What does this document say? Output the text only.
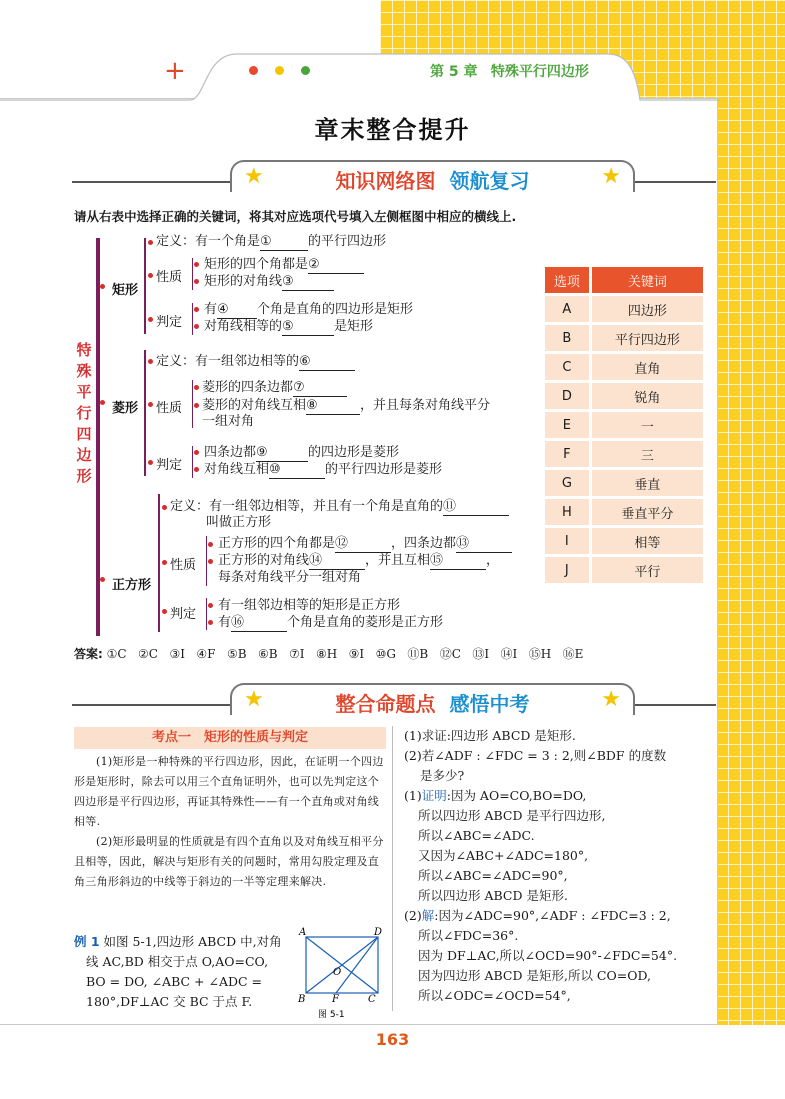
+	第 5 章 特殊平行四边形
章末整合提升
★	知识网络图 领航复习	★
请从右表中选择正确的关键词，将其对应选项代号填入左侧框图中相应的横线上.
特
殊
平
行
四
边
形
矩形
定义：有一个角是①	的平行四边形
性质
矩形的四个角都是②
矩形的对角线③
判定
有④ 个角是直角的四边形是矩形
对角线相等的⑤	是矩形
菱形
定义：有一组邻边相等的⑥
性质
菱形的四条边都⑦
菱形的对角线互相⑧	，并且每条对角线平分
一组对角
判定
四条边都⑨	的四边形是菱形
对角线互相⑩	的平行四边形是菱形
正方形
定义：有一组邻边相等，并且有一个角是直角的⑪
叫做正方形
性质
正方形的四个角都是⑫	，四条边都⑬
正方形的对角线⑭	，并且互相⑮	，
每条对角线平分一组对角
判定
有一组邻边相等的矩形是正方形
有⑯	个角是直角的菱形是正方形
选项	关键词
A	四边形
B	平行四边形
C	直角
D	锐角
E	一
F	三
G	垂直
H	垂直平分
I	相等
J	平行
答案: ①C ②C ③I ④F ⑤B ⑥B ⑦I ⑧H ⑨I ⑩G ⑪B ⑫C ⑬I ⑭I ⑮H ⑯E
★	整合命题点 感悟中考	★
考点一　矩形的性质与判定
(1)矩形是一种特殊的平行四边形，因此，在证明一个四边形是矩形时，除去可以用三个直角证明外，也可以先判定这个四边形是平行四边形，再证其特殊性——有一个直角或对角线相等.
(2)矩形最明显的性质就是有四个直角以及对角线互相平分且相等，因此，解决与矩形有关的问题时，常用勾股定理及直角三角形斜边的中线等于斜边的一半等定理来解决.
例 1 如图 5-1,四边形 ABCD 中,对角
线 AC,BD 相交于点 O,AO=CO,
BO = DO, ∠ABC + ∠ADC =
180°,DF⊥AC 交 BC 于点 F.
A	D
O
B	F	C
图 5-1
(1)求证:四边形 ABCD 是矩形.
(2)若∠ADF : ∠FDC = 3 : 2,则∠BDF 的度数
是多少?
(1)证明:因为 AO=CO,BO=DO,
所以四边形 ABCD 是平行四边形,
所以∠ABC=∠ADC.
又因为∠ABC+∠ADC=180°,
所以∠ABC=∠ADC=90°,
所以四边形 ABCD 是矩形.
(2)解:因为∠ADC=90°,∠ADF : ∠FDC=3 : 2,
所以∠FDC=36°.
因为 DF⊥AC,所以∠OCD=90°-∠FDC=54°.
因为四边形 ABCD 是矩形,所以 CO=OD,
所以∠ODC=∠OCD=54°,
163
